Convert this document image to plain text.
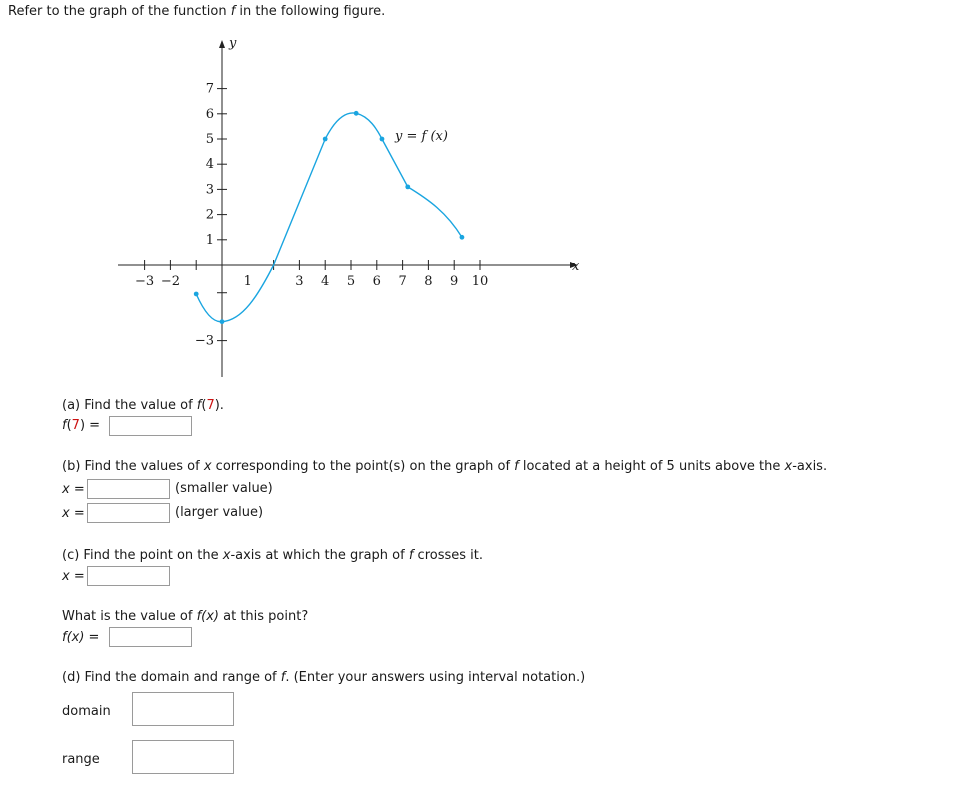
Refer to the graph of the function f in the following figure.
y
x
7
6
5
4
3
2
1
−3
−3 −2	1	3 4 5 6 7 8 9 10
y = f (x)
(a) Find the value of f(7).
f(7) =
(b) Find the values of x corresponding to the point(s) on the graph of f located at a height of 5 units above the x-axis.
x =	(smaller value)
x =	(larger value)
(c) Find the point on the x-axis at which the graph of f crosses it.
x =
What is the value of f(x) at this point?
f(x) =
(d) Find the domain and range of f. (Enter your answers using interval notation.)
domain
range
